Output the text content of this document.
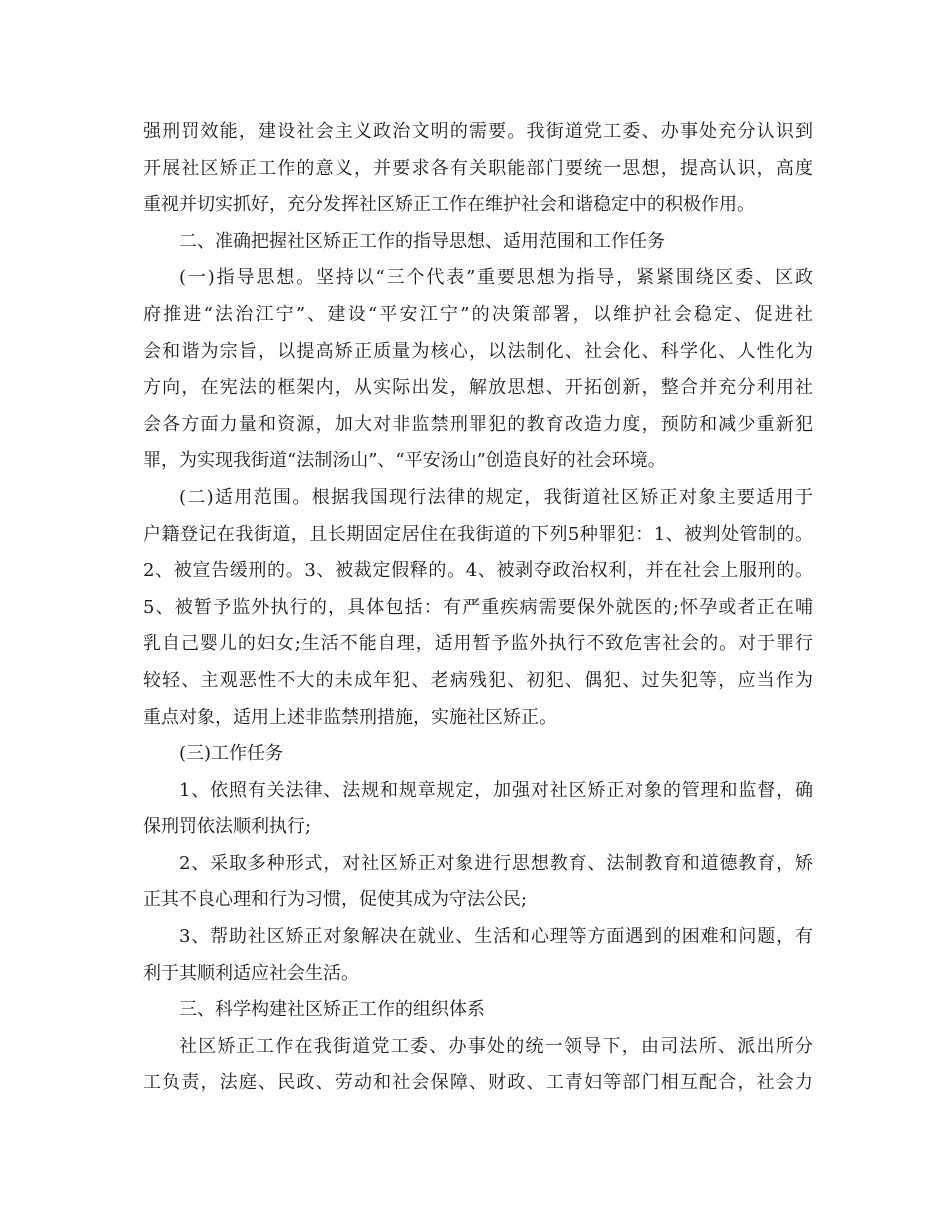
强刑罚效能，建设社会主义政治文明的需要。我街道党工委、办事处充分认识到
开展社区矫正工作的意义，并要求各有关职能部门要统一思想，提高认识，高度
重视并切实抓好，充分发挥社区矫正工作在维护社会和谐稳定中的积极作用。
二、准确把握社区矫正工作的指导思想、适用范围和工作任务
(一)指导思想。坚持以“三个代表”重要思想为指导，紧紧围绕区委、区政
府推进“法治江宁”、建设“平安江宁”的决策部署，以维护社会稳定、促进社
会和谐为宗旨，以提高矫正质量为核心，以法制化、社会化、科学化、人性化为
方向，在宪法的框架内，从实际出发，解放思想、开拓创新，整合并充分利用社
会各方面力量和资源，加大对非监禁刑罪犯的教育改造力度，预防和减少重新犯
罪，为实现我街道“法制汤山”、“平安汤山”创造良好的社会环境。
(二)适用范围。根据我国现行法律的规定，我街道社区矫正对象主要适用于
户籍登记在我街道，且长期固定居住在我街道的下列5种罪犯：1、被判处管制的。
2、被宣告缓刑的。3、被裁定假释的。4、被剥夺政治权利，并在社会上服刑的。
5、被暂予监外执行的，具体包括：有严重疾病需要保外就医的;怀孕或者正在哺
乳自己婴儿的妇女;生活不能自理，适用暂予监外执行不致危害社会的。对于罪行
较轻、主观恶性不大的未成年犯、老病残犯、初犯、偶犯、过失犯等，应当作为
重点对象，适用上述非监禁刑措施，实施社区矫正。
(三)工作任务
1、依照有关法律、法规和规章规定，加强对社区矫正对象的管理和监督，确
保刑罚依法顺利执行;
2、采取多种形式，对社区矫正对象进行思想教育、法制教育和道德教育，矫
正其不良心理和行为习惯，促使其成为守法公民;
3、帮助社区矫正对象解决在就业、生活和心理等方面遇到的困难和问题，有
利于其顺利适应社会生活。
三、科学构建社区矫正工作的组织体系
社区矫正工作在我街道党工委、办事处的统一领导下，由司法所、派出所分
工负责，法庭、民政、劳动和社会保障、财政、工青妇等部门相互配合，社会力
